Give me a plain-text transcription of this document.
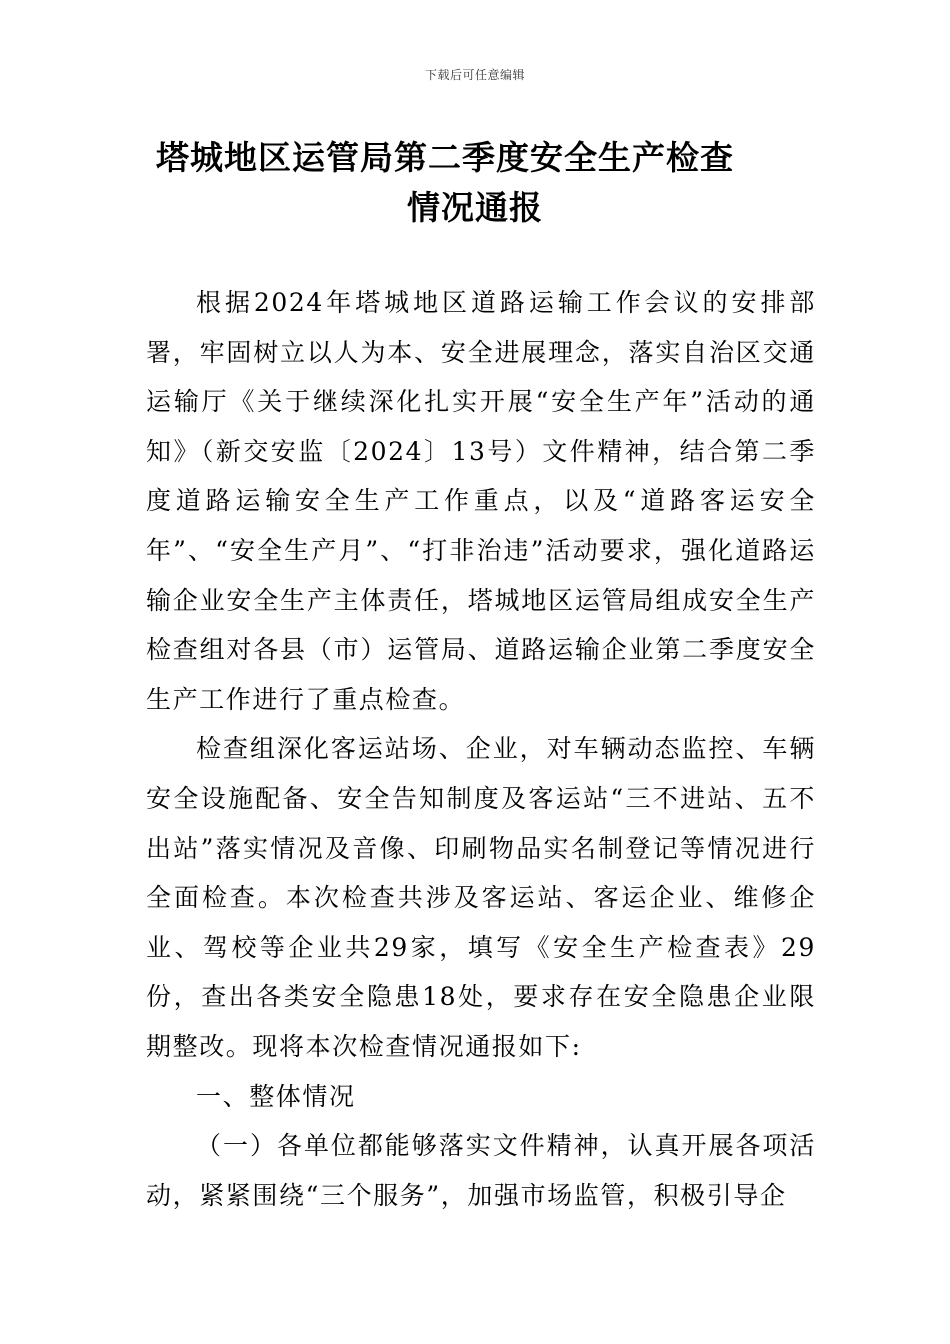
下载后可任意编辑
塔城地区运管局第二季度安全生产检查
情况通报

根据2024年塔城地区道路运输工作会议的安排部署，牢固树立以人为本、安全进展理念，落实自治区交通运输厅《关于继续深化扎实开展“安全生产年”活动的通知》（新交安监〔2024〕13号）文件精神，结合第二季度道路运输安全生产工作重点，以及“道路客运安全年”、“安全生产月”、“打非治违”活动要求，强化道路运输企业安全生产主体责任，塔城地区运管局组成安全生产检查组对各县（市）运管局、道路运输企业第二季度安全生产工作进行了重点检查。

检查组深化客运站场、企业，对车辆动态监控、车辆安全设施配备、安全告知制度及客运站“三不进站、五不出站”落实情况及音像、印刷物品实名制登记等情况进行全面检查。本次检查共涉及客运站、客运企业、维修企业、驾校等企业共29家，填写《安全生产检查表》29份，查出各类安全隐患18处，要求存在安全隐患企业限期整改。现将本次检查情况通报如下:

一、整体情况

（一）各单位都能够落实文件精神，认真开展各项活动，紧紧围绕“三个服务”，加强市场监管，积极引导企
